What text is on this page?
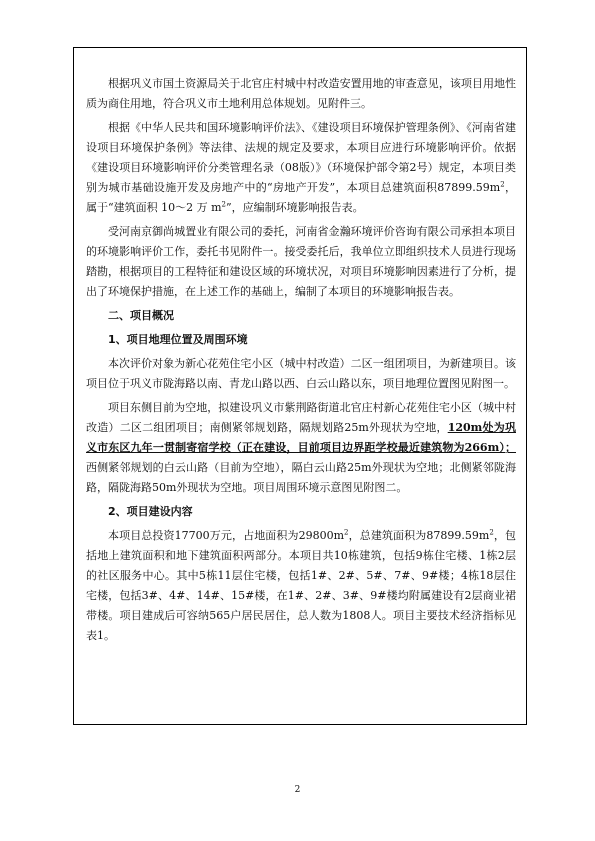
根据巩义市国土资源局关于北官庄村城中村改造安置用地的审查意见，该项目用地性质为商住用地，符合巩义市土地利用总体规划。见附件三。

根据《中华人民共和国环境影响评价法》、《建设项目环境保护管理条例》、《河南省建设项目环境保护条例》等法律、法规的规定及要求，本项目应进行环境影响评价。依据《建设项目环境影响评价分类管理名录（08版）》（环境保护部令第2号）规定，本项目类别为城市基础设施开发及房地产中的“房地产开发”，本项目总建筑面积$87899.59m^2$，属于“建筑面积 10～2 万 $m^2$”，应编制环境影响报告表。

受河南京御尚城置业有限公司的委托，河南省金瀚环境评价咨询有限公司承担本项目的环境影响评价工作，委托书见附件一。接受委托后，我单位立即组织技术人员进行现场踏勘，根据项目的工程特征和建设区域的环境状况，对项目环境影响因素进行了分析，提出了环境保护措施，在上述工作的基础上，编制了本项目的环境影响报告表。

二、项目概况

1、项目地理位置及周围环境

本次评价对象为新心花苑住宅小区（城中村改造）二区一组团项目，为新建项目。该项目位于巩义市陇海路以南、青龙山路以西、白云山路以东，项目地理位置图见附图一。

项目东侧目前为空地，拟建设巩义市紫荆路街道北官庄村新心花苑住宅小区（城中村改造）二区二组团项目；南侧紧邻规划路，隔规划路25m外现状为空地，120m处为巩义市东区九年一贯制寄宿学校（正在建设，目前项目边界距学校最近建筑物为266m）；西侧紧邻规划的白云山路（目前为空地），隔白云山路25m外现状为空地；北侧紧邻陇海路，隔陇海路50m外现状为空地。项目周围环境示意图见附图二。

2、项目建设内容

本项目总投资17700万元，占地面积为$29800m^2$，总建筑面积为$87899.59m^2$，包括地上建筑面积和地下建筑面积两部分。本项目共10栋建筑，包括9栋住宅楼、1栋2层的社区服务中心。其中5栋11层住宅楼，包括1#、2#、5#、7#、9#楼；4栋18层住宅楼，包括3#、4#、14#、15#楼，在1#、2#、3#、9#楼均附属建设有2层商业裙带楼。项目建成后可容纳565户居民居住，总人数为1808人。项目主要技术经济指标见表1。

2
